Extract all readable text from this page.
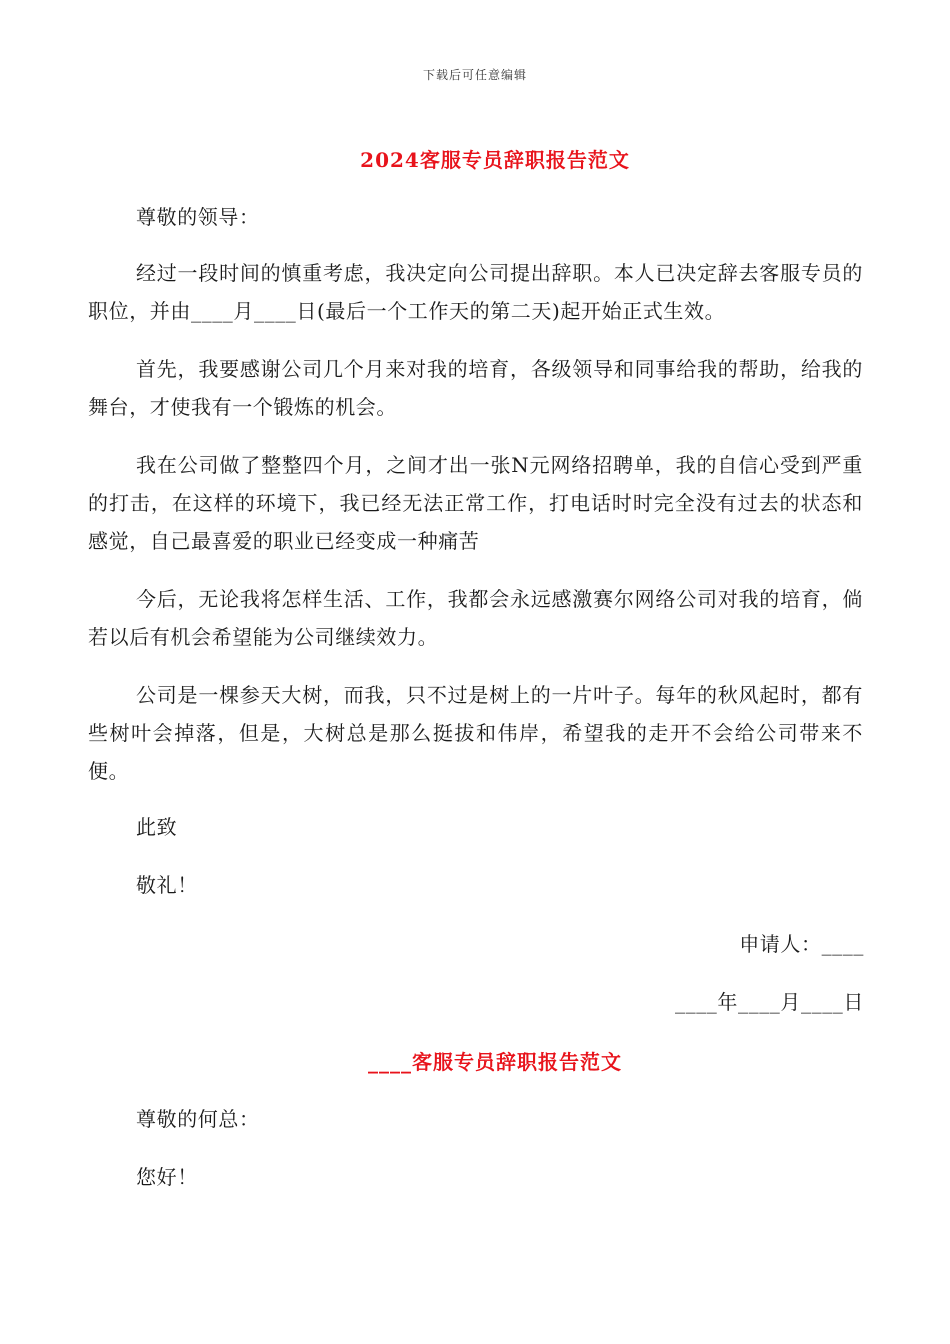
下载后可任意编辑
2024客服专员辞职报告范文
尊敬的领导：
经过一段时间的慎重考虑，我决定向公司提出辞职。本人已决定辞去客服专员的职位，并由____月____日(最后一个工作天的第二天)起开始正式生效。
首先，我要感谢公司几个月来对我的培育，各级领导和同事给我的帮助，给我的舞台，才使我有一个锻炼的机会。
我在公司做了整整四个月，之间才出一张N元网络招聘单，我的自信心受到严重的打击，在这样的环境下，我已经无法正常工作，打电话时时完全没有过去的状态和感觉，自己最喜爱的职业已经变成一种痛苦
今后，无论我将怎样生活、工作，我都会永远感激赛尔网络公司对我的培育，倘若以后有机会希望能为公司继续效力。
公司是一棵参天大树，而我，只不过是树上的一片叶子。每年的秋风起时，都有些树叶会掉落，但是，大树总是那么挺拔和伟岸，希望我的走开不会给公司带来不便。
此致
敬礼！
申请人：____
____年____月____日
____客服专员辞职报告范文
尊敬的何总：
您好！
